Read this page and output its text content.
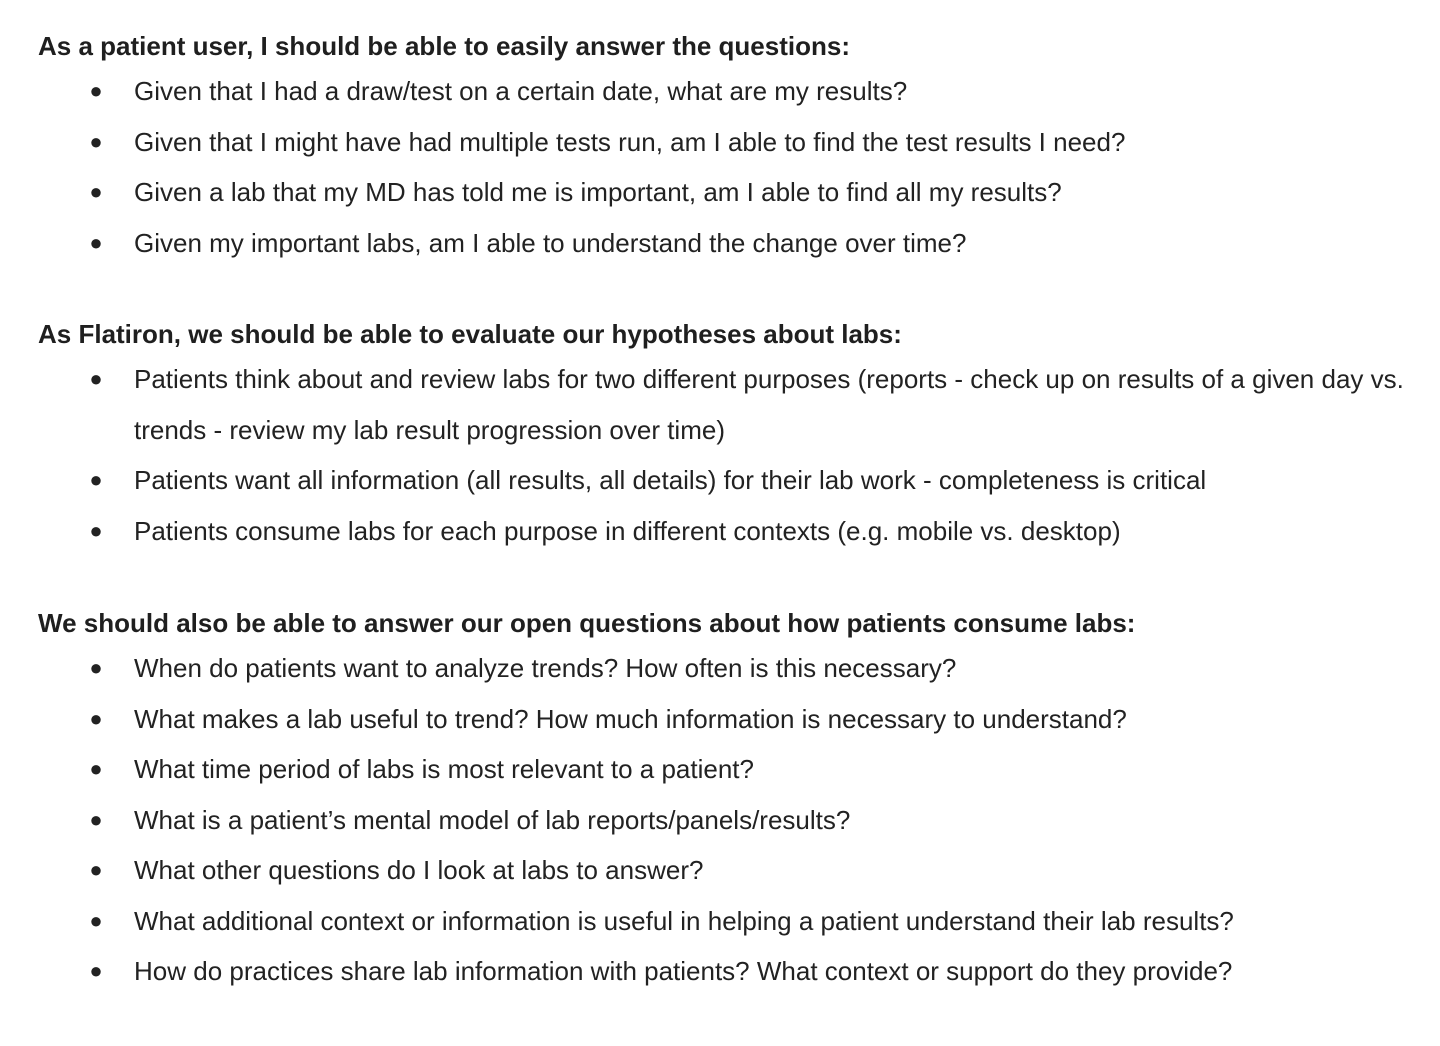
As a patient user, I should be able to easily answer the questions:
● Given that I had a draw/test on a certain date, what are my results?
● Given that I might have had multiple tests run, am I able to find the test results I need?
● Given a lab that my MD has told me is important, am I able to find all my results?
● Given my important labs, am I able to understand the change over time?
As Flatiron, we should be able to evaluate our hypotheses about labs:
● Patients think about and review labs for two different purposes (reports - check up on results of a given day vs. trends - review my lab result progression over time)
● Patients want all information (all results, all details) for their lab work - completeness is critical
● Patients consume labs for each purpose in different contexts (e.g. mobile vs. desktop)
We should also be able to answer our open questions about how patients consume labs:
● When do patients want to analyze trends? How often is this necessary?
● What makes a lab useful to trend? How much information is necessary to understand?
● What time period of labs is most relevant to a patient?
● What is a patient’s mental model of lab reports/panels/results?
● What other questions do I look at labs to answer?
● What additional context or information is useful in helping a patient understand their lab results?
● How do practices share lab information with patients? What context or support do they provide?
